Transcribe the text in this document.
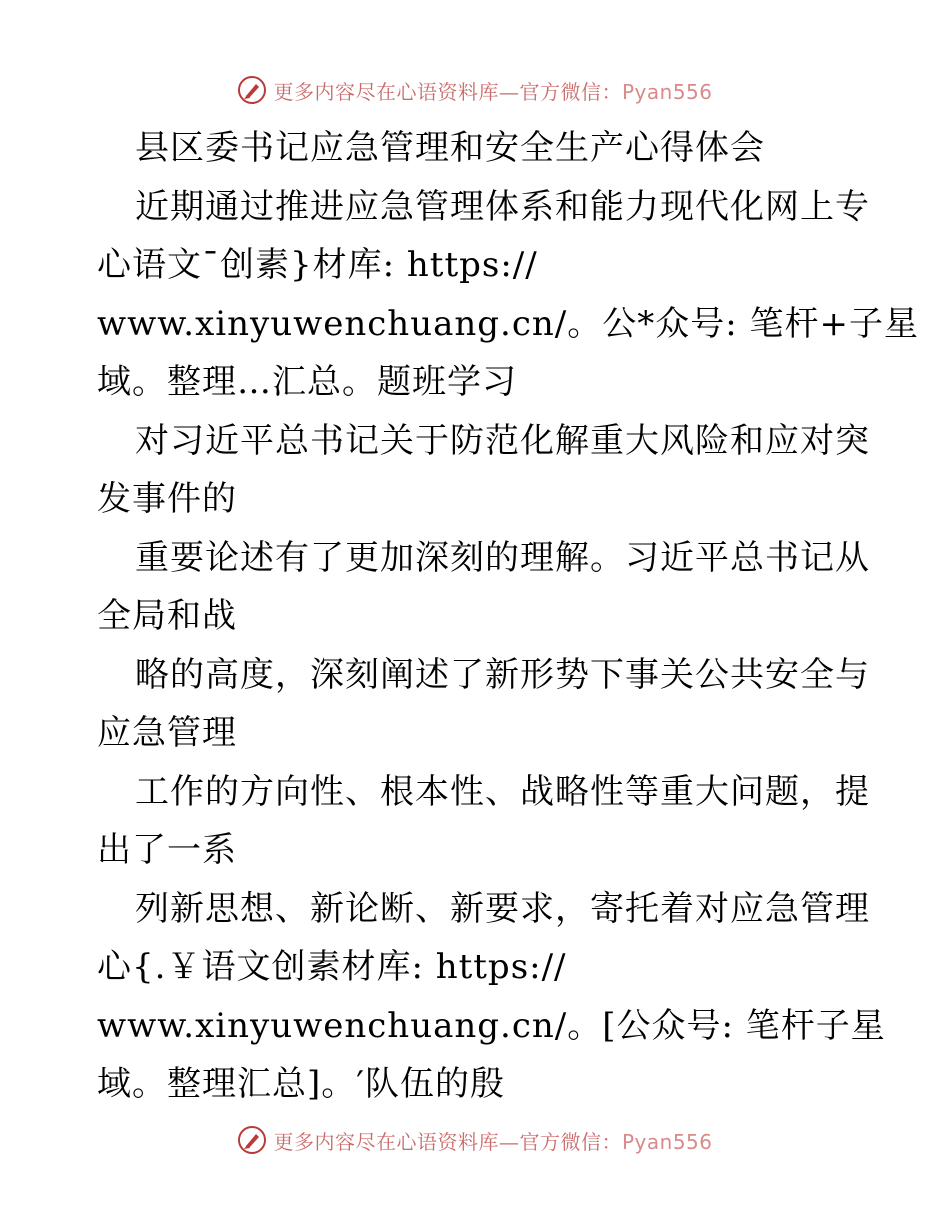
更多内容尽在心语资料库—官方微信：Pyan556
县区委书记应急管理和安全生产心得体会
近期通过推进应急管理体系和能力现代化网上专
心语文¯创素}材库: https://
www.xinyuwenchuang.cn/。公*众号: 笔杆+子星
域。整理…汇总。题班学习
对习近平总书记关于防范化解重大风险和应对突
发事件的
重要论述有了更加深刻的理解。习近平总书记从
全局和战
略的高度，深刻阐述了新形势下事关公共安全与
应急管理
工作的方向性、根本性、战略性等重大问题，提
出了一系
列新思想、新论断、新要求，寄托着对应急管理
心{.￥语文创素材库: https://
www.xinyuwenchuang.cn/。[公众号: 笔杆子星
域。整理汇总]。′队伍的殷
更多内容尽在心语资料库—官方微信：Pyan556
